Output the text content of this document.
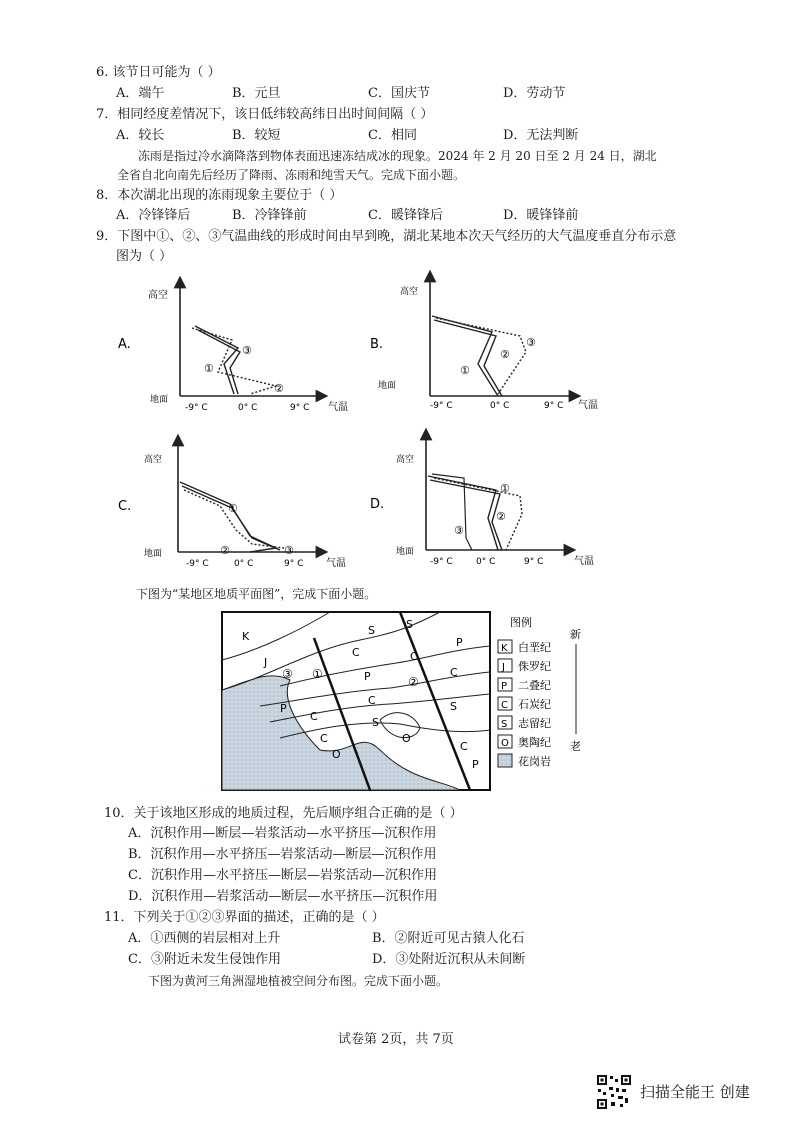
6. 该节日可能为（ ）
A．端午	B．元旦	C．国庆节	D．劳动节
7．相同经度差情况下，该日低纬较高纬日出时间间隔（ ）
A．较长	B．较短	C．相同	D．无法判断
冻雨是指过冷水滴降落到物体表面迅速冻结成冰的现象。2024 年 2 月 20 日至 2 月 24 日，湖北
全省自北向南先后经历了降雨、冻雨和纯雪天气。完成下面小题。
8．本次湖北出现的冻雨现象主要位于（ ）
A．冷锋锋后	B．冷锋锋前	C．暖锋锋后	D．暖锋锋前
9．下图中①、②、③气温曲线的形成时间由早到晚，湖北某地本次天气经历的大气温度垂直分布示意
图为（ ）
A.
高空
地面
气温
-9° C	0° C	9° C
①
②
③	B.
高空
地面
气温
-9° C	0° C	9° C
①
②
③
C.
高空
地面
气温
-9° C	0° C	9° C
①
②	③
D.
高空
地面
气温
-9° C	0° C	9° C
①
②
③
下图为“某地区地质平面图”，完成下面小题。
K
J
S	S
P
C	C
P	C
P
C
C	S
C
S
O
O
C
P
③ ①
②
图例
K 白垩纪
J 侏罗纪
P 二叠纪
C 石炭纪
S 志留纪
O 奥陶纪
花岗岩
新
老
10．关于该地区形成的地质过程，先后顺序组合正确的是（ ）
A．沉积作用—断层—岩浆活动—水平挤压—沉积作用
B．沉积作用—水平挤压—岩浆活动—断层—沉积作用
C．沉积作用—水平挤压—断层—岩浆活动—沉积作用
D．沉积作用—岩浆活动—断层—水平挤压—沉积作用
11．下列关于①②③界面的描述，正确的是（ ）
A．①西侧的岩层相对上升	B．②附近可见古猿人化石
C．③附近未发生侵蚀作用	D．③处附近沉积从未间断
下图为黄河三角洲湿地植被空间分布图。完成下面小题。
试卷第 2页，共 7页
扫描全能王 创建
